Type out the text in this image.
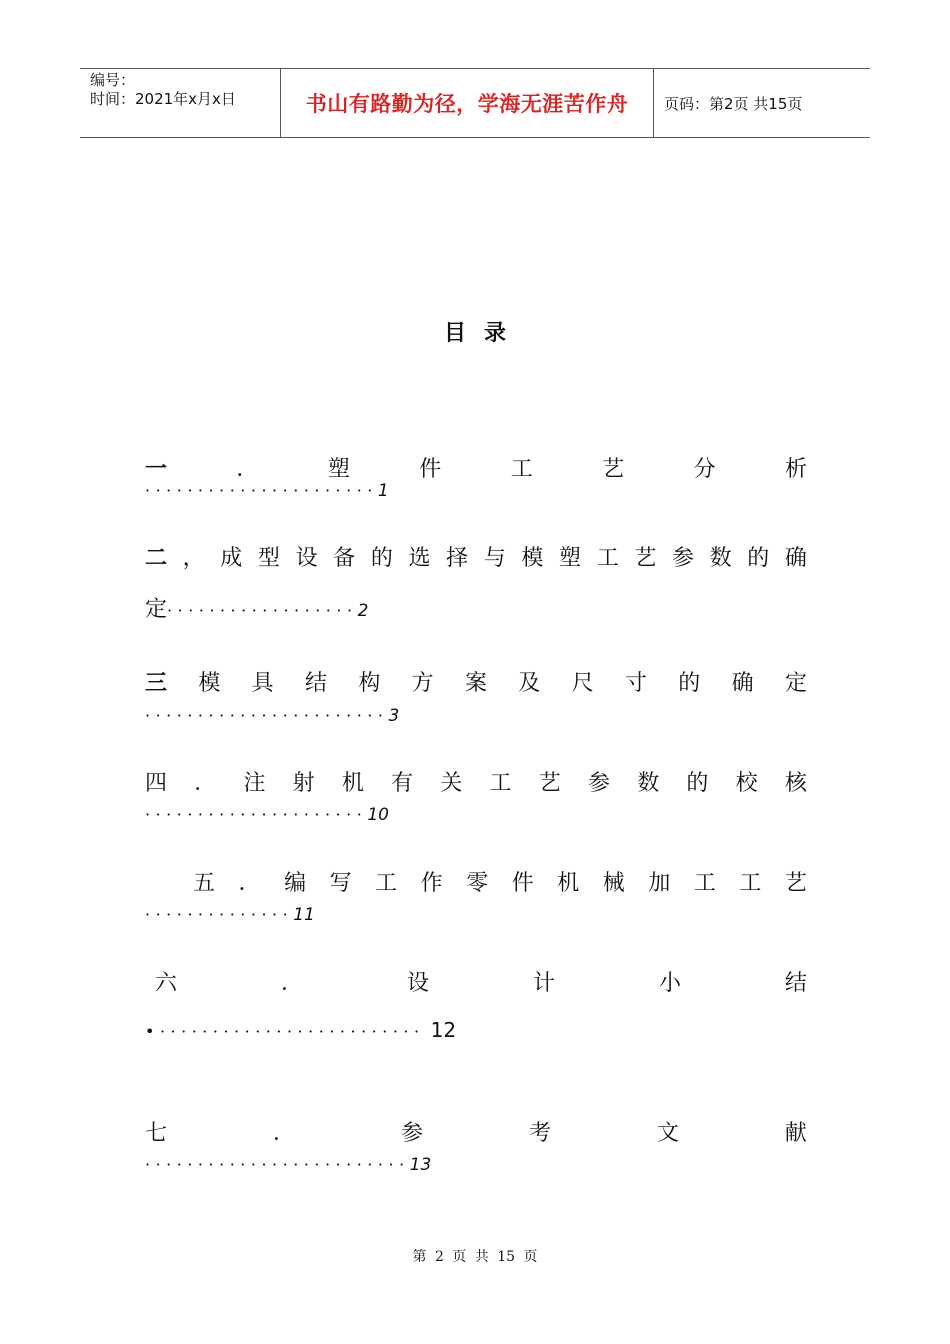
编号：
时间：2021年x月x日	书山有路勤为径，学海无涯苦作舟	页码：第2页 共15页
目录
一	．	塑	件	工	艺	分	析
······················1
二 ， 成 型 设 备 的 选 择 与 模 塑 工 艺 参 数 的 确
定··················2
三 模 具 结 构 方 案 及 尺 寸 的 确 定
·······················3
四 ． 注 射 机 有 关 工 艺 参 数 的 校 核
·····················10
五 ． 编 写 工 作 零 件 机 械 加 工 工 艺
··············11
六	．	设	计	小	结
•························· 12
七	．	参	考	文	献
·························13
第 2 页 共 15 页
